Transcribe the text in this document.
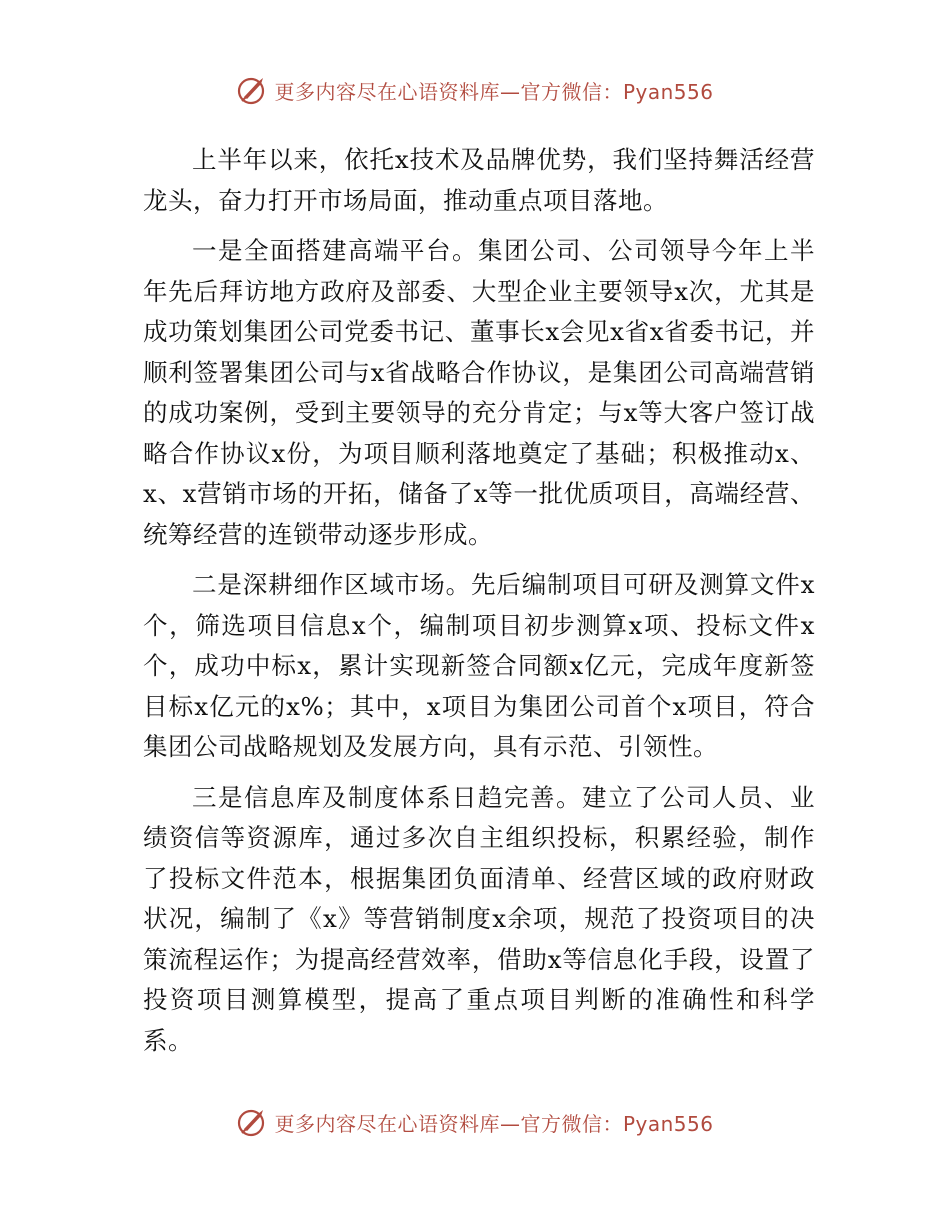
更多内容尽在心语资料库—官方微信：Pyan556

上半年以来，依托x技术及品牌优势，我们坚持舞活经营龙头，奋力打开市场局面，推动重点项目落地。

一是全面搭建高端平台。集团公司、公司领导今年上半年先后拜访地方政府及部委、大型企业主要领导x次，尤其是成功策划集团公司党委书记、董事长x会见x省x省委书记，并顺利签署集团公司与x省战略合作协议，是集团公司高端营销的成功案例，受到主要领导的充分肯定；与x等大客户签订战略合作协议x份，为项目顺利落地奠定了基础；积极推动x、x、x营销市场的开拓，储备了x等一批优质项目，高端经营、统筹经营的连锁带动逐步形成。

二是深耕细作区域市场。先后编制项目可研及测算文件x个，筛选项目信息x个，编制项目初步测算x项、投标文件x个，成功中标x，累计实现新签合同额x亿元，完成年度新签目标x亿元的x%；其中，x项目为集团公司首个x项目，符合集团公司战略规划及发展方向，具有示范、引领性。

三是信息库及制度体系日趋完善。建立了公司人员、业绩资信等资源库，通过多次自主组织投标，积累经验，制作了投标文件范本，根据集团负面清单、经营区域的政府财政状况，编制了《x》等营销制度x余项，规范了投资项目的决策流程运作；为提高经营效率，借助x等信息化手段，设置了投资项目测算模型，提高了重点项目判断的准确性和科学系。

更多内容尽在心语资料库—官方微信：Pyan556
